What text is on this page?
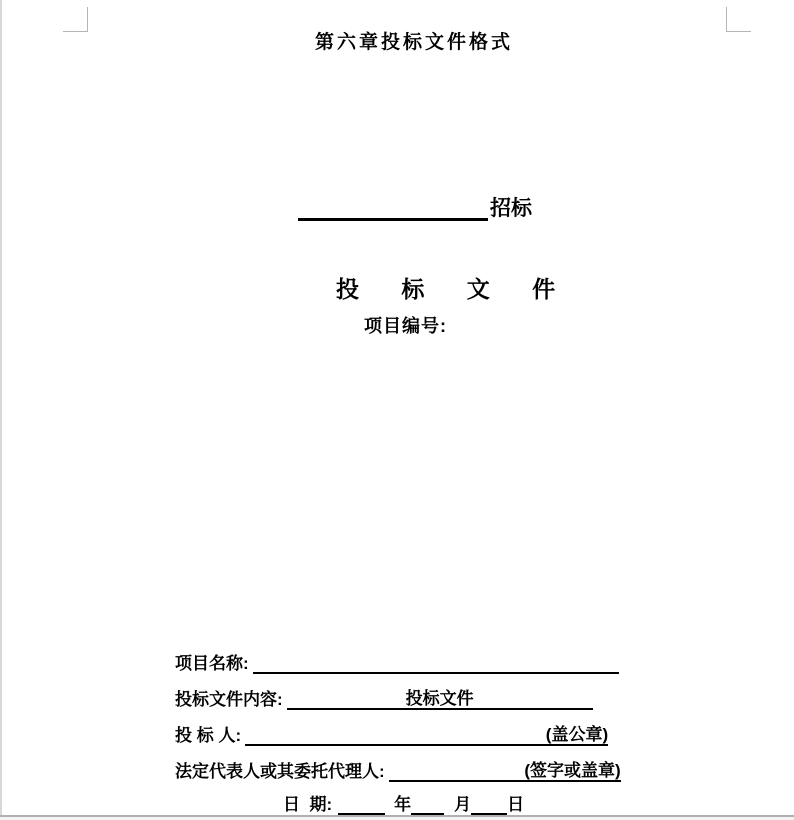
第六章投标文件格式
招标
投 标 文 件
项目编号:
项目名称:
投标文件内容:	投标文件
投 标 人:	(盖公章)
法定代表人或其委托代理人:	(签字或盖章)
日  期:	年	月 日
